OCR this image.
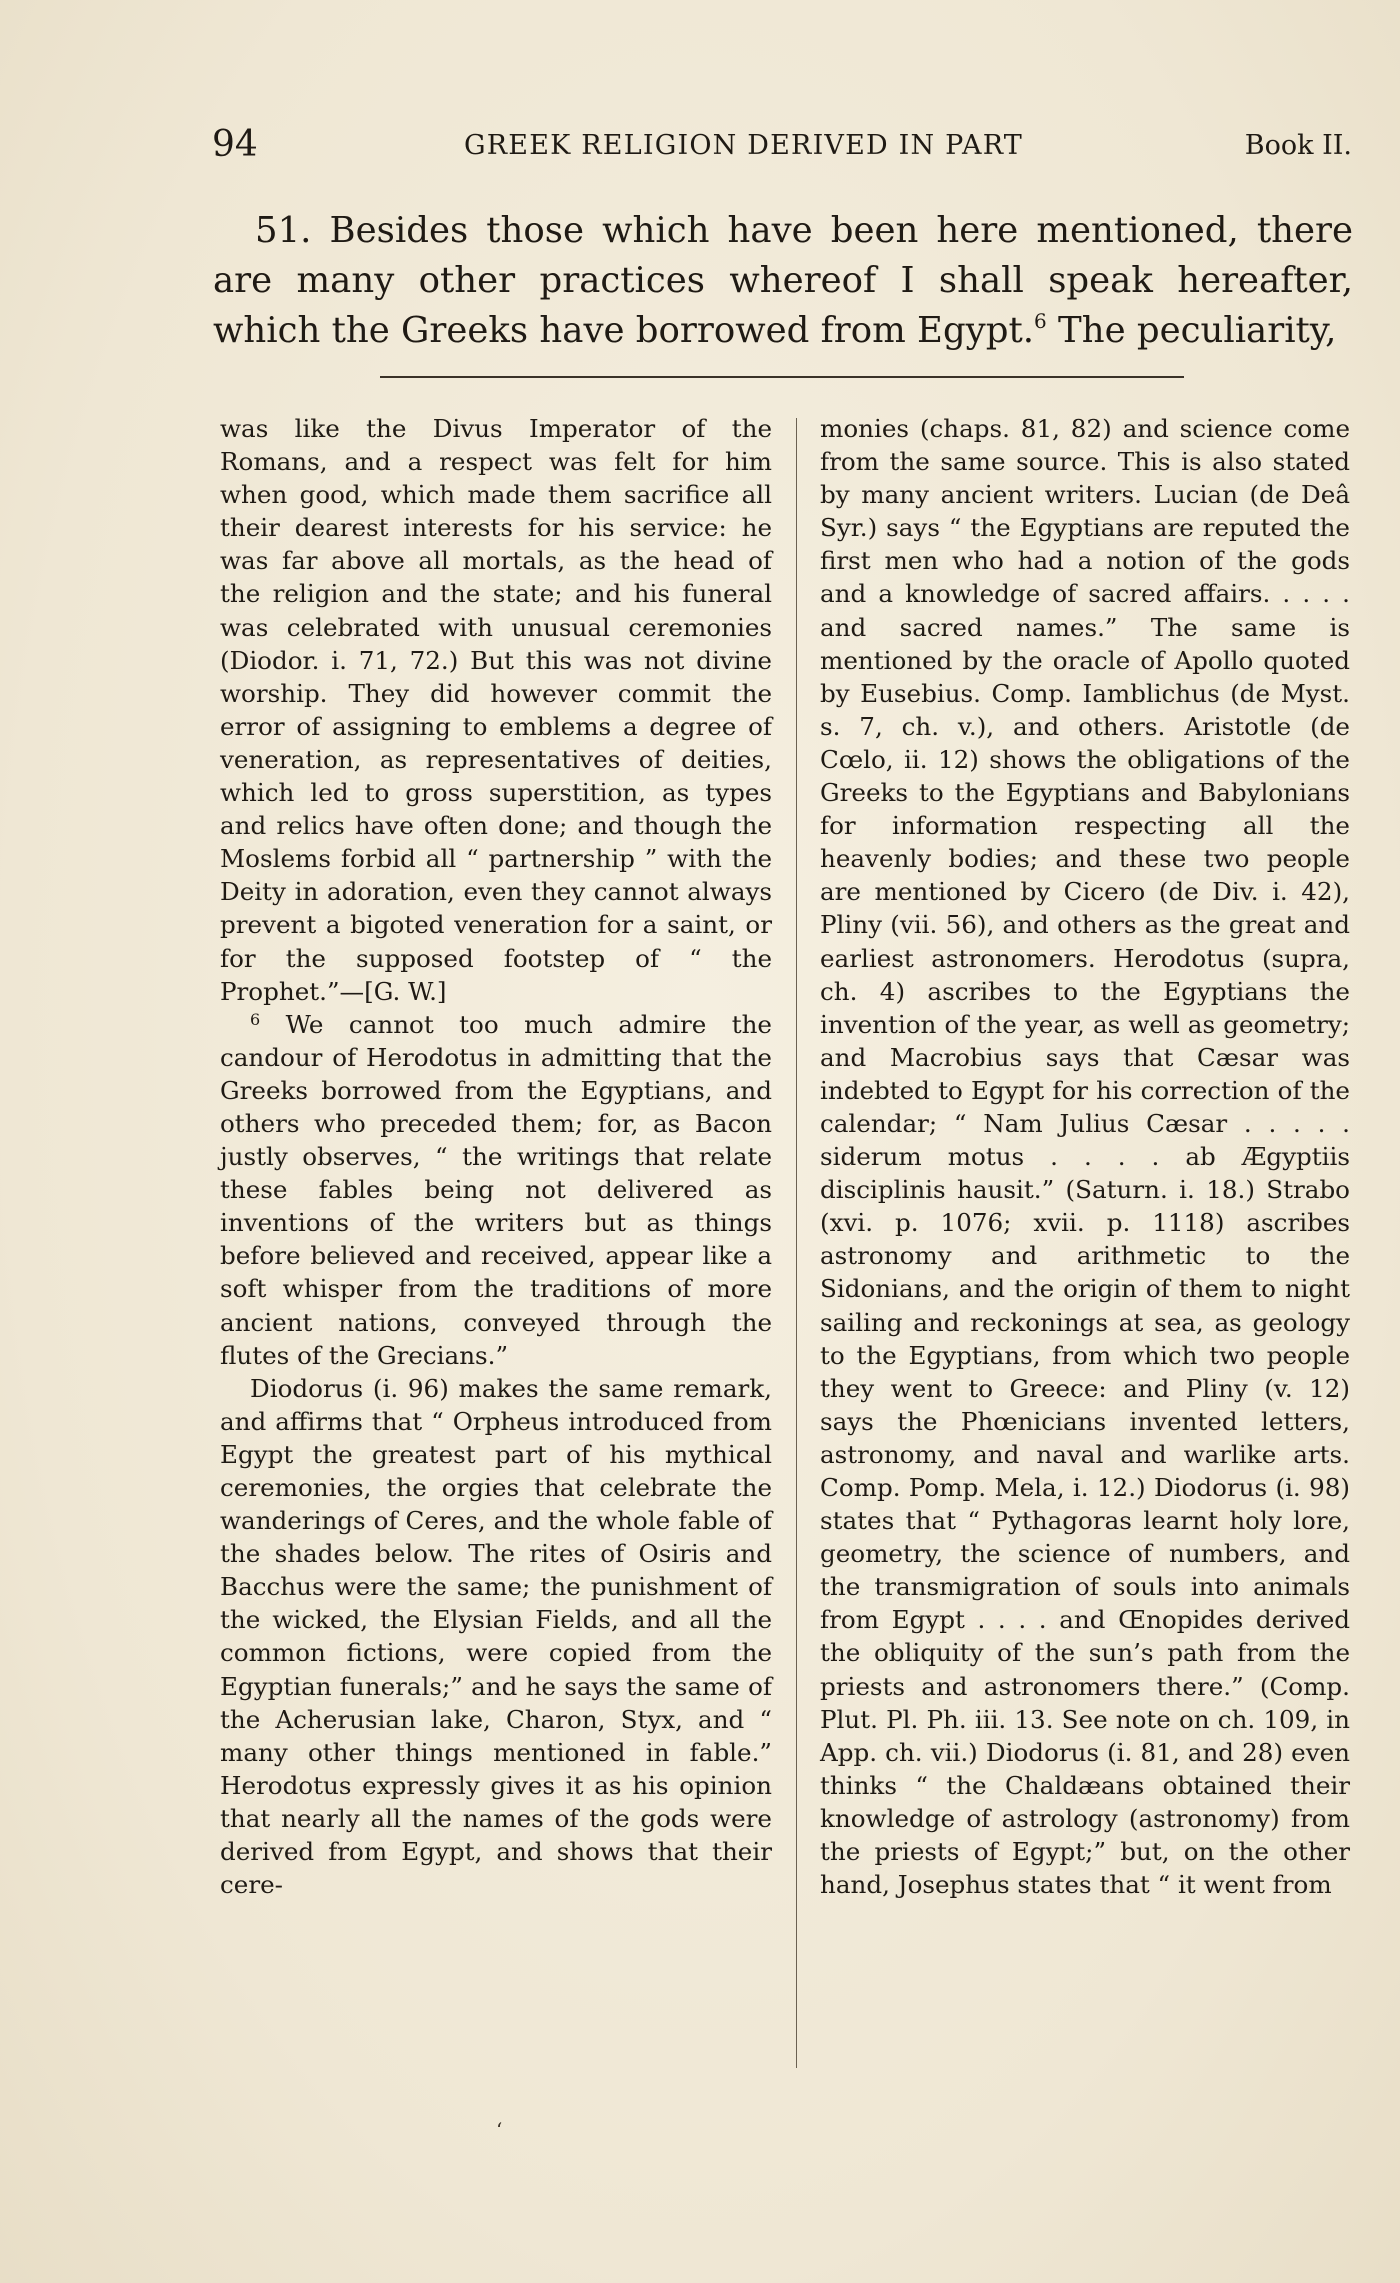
94	GREEK RELIGION DERIVED IN PART	Book II.

51. Besides those which have been here mentioned, there are many other practices whereof I shall speak hereafter, which the Greeks have borrowed from Egypt.$^6$ The peculiarity,

was like the Divus Imperator of the Romans, and a respect was felt for him when good, which made them sacrifice all their dearest interests for his service: he was far above all mortals, as the head of the religion and the state; and his funeral was celebrated with unusual ceremonies (Diodor. i. 71, 72.) But this was not divine worship. They did however commit the error of assigning to emblems a degree of veneration, as representatives of deities, which led to gross superstition, as types and relics have often done; and though the Moslems forbid all “ partnership ” with the Deity in adoration, even they cannot always prevent a bigoted veneration for a saint, or for the supposed footstep of “ the Prophet.”—[G. W.]

$^6$ We cannot too much admire the candour of Herodotus in admitting that the Greeks borrowed from the Egyptians, and others who preceded them; for, as Bacon justly observes, “ the writings that relate these fables being not delivered as inventions of the writers but as things before believed and received, appear like a soft whisper from the traditions of more ancient nations, conveyed through the flutes of the Grecians.”

Diodorus (i. 96) makes the same remark, and affirms that “ Orpheus introduced from Egypt the greatest part of his mythical ceremonies, the orgies that celebrate the wanderings of Ceres, and the whole fable of the shades below. The rites of Osiris and Bacchus were the same; the punishment of the wicked, the Elysian Fields, and all the common fictions, were copied from the Egyptian funerals;” and he says the same of the Acherusian lake, Charon, Styx, and “ many other things mentioned in fable.” Herodotus expressly gives it as his opinion that nearly all the names of the gods were derived from Egypt, and shows that their cere-

monies (chaps. 81, 82) and science come from the same source. This is also stated by many ancient writers. Lucian (de Deâ Syr.) says “ the Egyptians are reputed the first men who had a notion of the gods and a knowledge of sacred affairs. . . . . and sacred names.” The same is mentioned by the oracle of Apollo quoted by Eusebius. Comp. Iamblichus (de Myst. s. 7, ch. v.), and others. Aristotle (de Cœlo, ii. 12) shows the obligations of the Greeks to the Egyptians and Babylonians for information respecting all the heavenly bodies; and these two people are mentioned by Cicero (de Div. i. 42), Pliny (vii. 56), and others as the great and earliest astronomers. Herodotus (supra, ch. 4) ascribes to the Egyptians the invention of the year, as well as geometry; and Macrobius says that Cæsar was indebted to Egypt for his correction of the calendar; “ Nam Julius Cæsar . . . . . siderum motus . . . . ab Ægyptiis disciplinis hausit.” (Saturn. i. 18.) Strabo (xvi. p. 1076; xvii. p. 1118) ascribes astronomy and arithmetic to the Sidonians, and the origin of them to night sailing and reckonings at sea, as geology to the Egyptians, from which two people they went to Greece: and Pliny (v. 12) says the Phœnicians invented letters, astronomy, and naval and warlike arts. Comp. Pomp. Mela, i. 12.) Diodorus (i. 98) states that “ Pythagoras learnt holy lore, geometry, the science of numbers, and the transmigration of souls into animals from Egypt . . . . and Œnopides derived the obliquity of the sun’s path from the priests and astronomers there.” (Comp. Plut. Pl. Ph. iii. 13. See note on ch. 109, in App. ch. vii.) Diodorus (i. 81, and 28) even thinks “ the Chaldæans obtained their knowledge of astrology (astronomy) from the priests of Egypt;” but, on the other hand, Josephus states that “ it went from

‘
